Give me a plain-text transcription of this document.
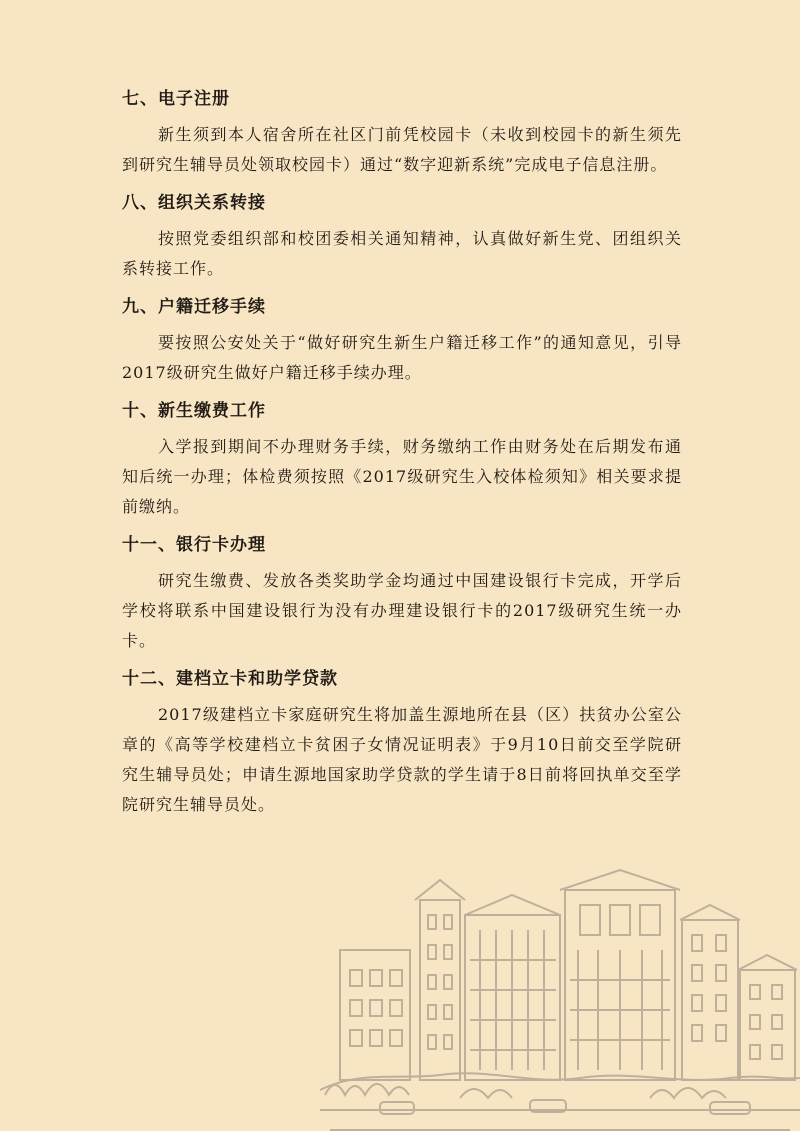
七、电子注册

新生须到本人宿舍所在社区门前凭校园卡（未收到校园卡的新生须先到研究生辅导员处领取校园卡）通过“数字迎新系统”完成电子信息注册。

八、组织关系转接

按照党委组织部和校团委相关通知精神，认真做好新生党、团组织关系转接工作。

九、户籍迁移手续

要按照公安处关于“做好研究生新生户籍迁移工作”的通知意见，引导2017级研究生做好户籍迁移手续办理。

十、新生缴费工作

入学报到期间不办理财务手续，财务缴纳工作由财务处在后期发布通知后统一办理；体检费须按照《2017级研究生入校体检须知》相关要求提前缴纳。

十一、银行卡办理

研究生缴费、发放各类奖助学金均通过中国建设银行卡完成，开学后学校将联系中国建设银行为没有办理建设银行卡的2017级研究生统一办卡。

十二、建档立卡和助学贷款

2017级建档立卡家庭研究生将加盖生源地所在县（区）扶贫办公室公章的《高等学校建档立卡贫困子女情况证明表》于9月10日前交至学院研究生辅导员处；申请生源地国家助学贷款的学生请于8日前将回执单交至学院研究生辅导员处。
